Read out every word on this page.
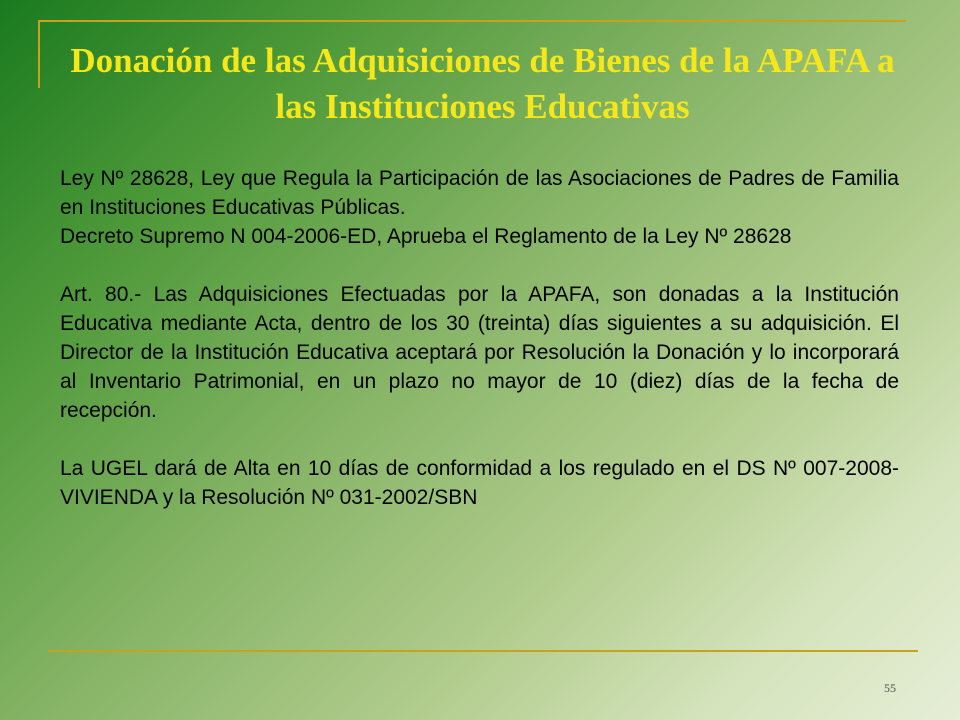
Donación de las Adquisiciones de Bienes de la APAFA a las Instituciones Educativas

Ley Nº 28628, Ley que Regula la Participación de las Asociaciones de Padres de Familia en Instituciones Educativas Públicas.

Decreto Supremo N 004-2006-ED, Aprueba el Reglamento de la Ley Nº 28628

Art. 80.- Las Adquisiciones Efectuadas por la APAFA, son donadas a la Institución Educativa mediante Acta, dentro de los 30 (treinta) días siguientes a su adquisición. El Director de la Institución Educativa aceptará por Resolución la Donación y lo incorporará al Inventario Patrimonial, en un plazo no mayor de 10 (diez) días de la fecha de recepción.

La UGEL dará de Alta en 10 días de conformidad a los regulado en el DS Nº 007-2008-VIVIENDA y la Resolución Nº 031-2002/SBN

55
